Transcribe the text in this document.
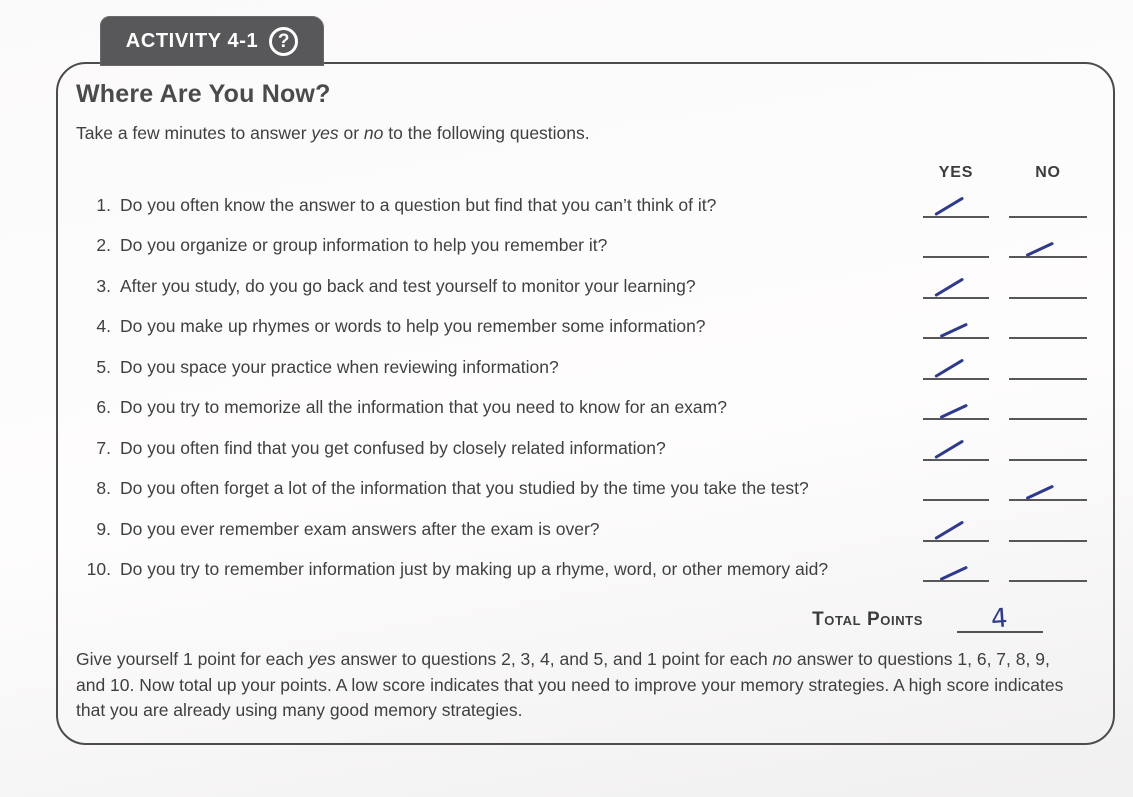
ACTIVITY 4-1 ?
Where Are You Now?

Take a few minutes to answer yes or no to the following questions.

YES	NO
1. Do you often know the answer to a question but find that you can’t think of it?
2. Do you organize or group information to help you remember it?
3. After you study, do you go back and test yourself to monitor your learning?
4. Do you make up rhymes or words to help you remember some information?
5. Do you space your practice when reviewing information?
6. Do you try to memorize all the information that you need to know for an exam?
7. Do you often find that you get confused by closely related information?
8. Do you often forget a lot of the information that you studied by the time you take the test?
9. Do you ever remember exam answers after the exam is over?
10. Do you try to remember information just by making up a rhyme, word, or other memory aid?
Total Points	4

Give yourself 1 point for each yes answer to questions 2, 3, 4, and 5, and 1 point for each no answer to questions 1, 6, 7, 8, 9, and 10. Now total up your points. A low score indicates that you need to improve your memory strategies. A high score indicates that you are already using many good memory strategies.
